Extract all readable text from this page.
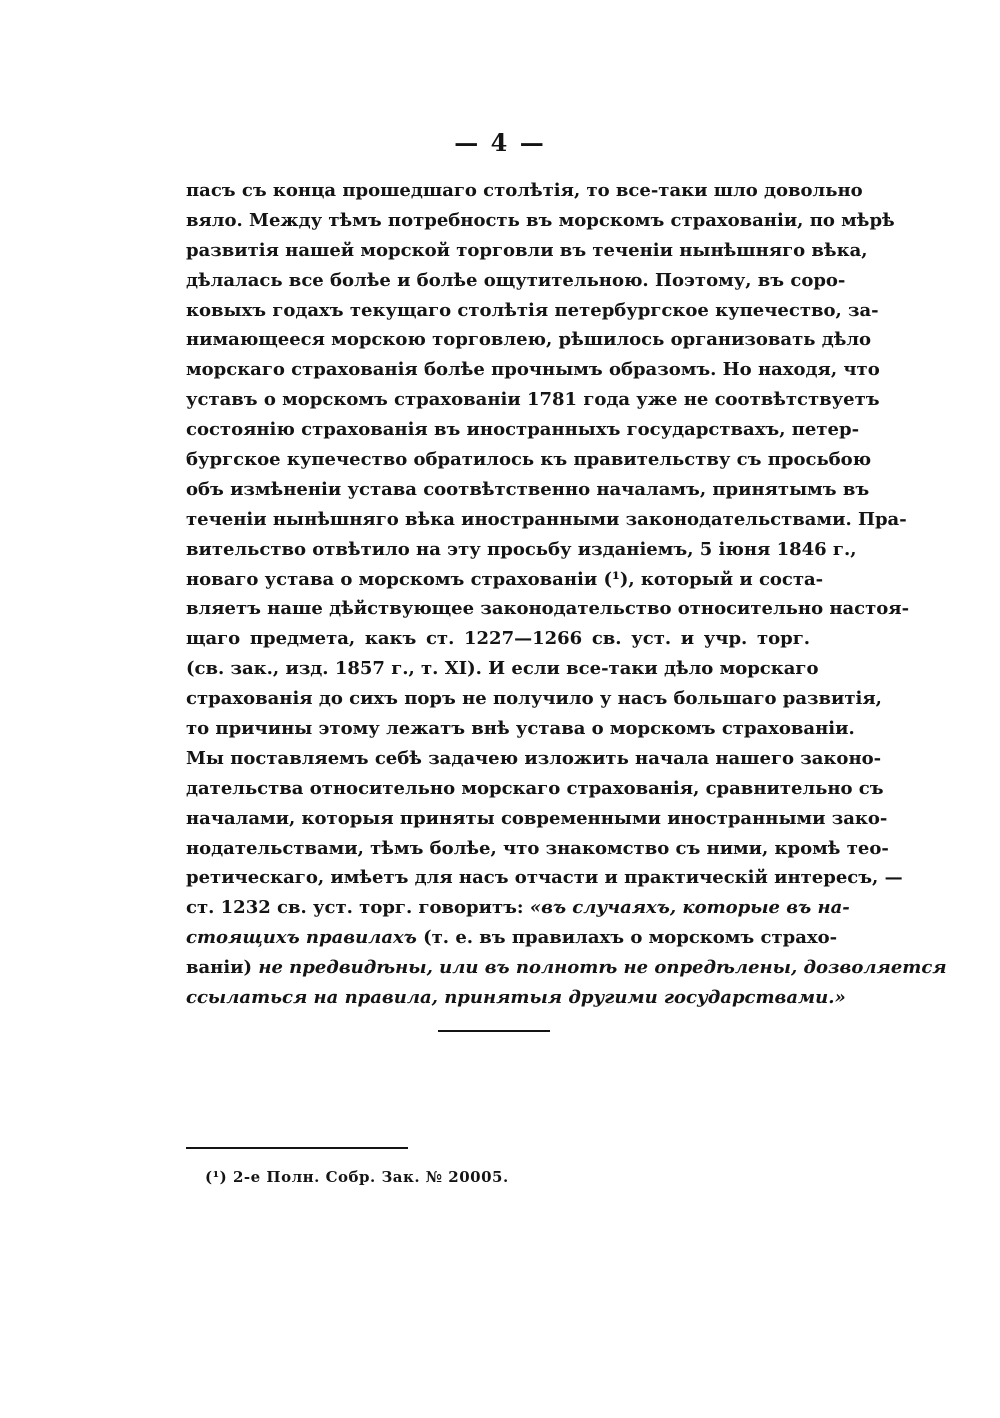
— 4 —
пасъ съ конца прошедшаго столѣтія, то все-таки шло довольно
вяло. Между тѣмъ потребность въ морскомъ страхованіи, по мѣрѣ
развитія нашей морской торговли въ теченіи нынѣшняго вѣка,
дѣлалась все болѣе и болѣе ощутительною. Поэтому, въ соро-
ковыхъ годахъ текущаго столѣтія петербургское купечество, за-
нимающееся морскою торговлею, рѣшилось организовать дѣло
морскаго страхованія болѣе прочнымъ образомъ. Но находя, что
уставъ о морскомъ страхованіи 1781 года уже не соотвѣтствуетъ
состоянію страхованія въ иностранныхъ государствахъ, петер-
бургское купечество обратилось къ правительству съ просьбою
объ измѣненіи устава соотвѣтственно началамъ, принятымъ въ
теченіи нынѣшняго вѣка иностранными законодательствами. Пра-
вительство отвѣтило на эту просьбу изданіемъ, 5 іюня 1846 г.,
новаго устава о морскомъ страхованіи (¹), который и соста-
вляетъ наше дѣйствующее законодательство относительно настоя-
щаго предмета, какъ ст. 1227—1266 св. уст. и учр. торг.
(св. зак., изд. 1857 г., т. XI). И если все-таки дѣло морскаго
страхованія до сихъ поръ не получило у насъ большаго развитія,
то причины этому лежатъ внѣ устава о морскомъ страхованіи.
Мы поставляемъ себѣ задачею изложить начала нашего законо-
дательства относительно морскаго страхованія, сравнительно съ
началами, которыя приняты современными иностранными зако-
нодательствами, тѣмъ болѣе, что знакомство съ ними, кромѣ тео-
ретическаго, имѣетъ для насъ отчасти и практическій интересъ, —
ст. 1232 св. уст. торг. говоритъ: «въ случаяхъ, которые въ на-
стоящихъ правилахъ (т. е. въ правилахъ о морскомъ страхо-
ваніи) не предвидѣны, или въ полнотѣ не опредѣлены, дозволяется
ссылаться на правила, принятыя другими государствами.»
(¹) 2-е Полн. Собр. Зак. № 20005.
